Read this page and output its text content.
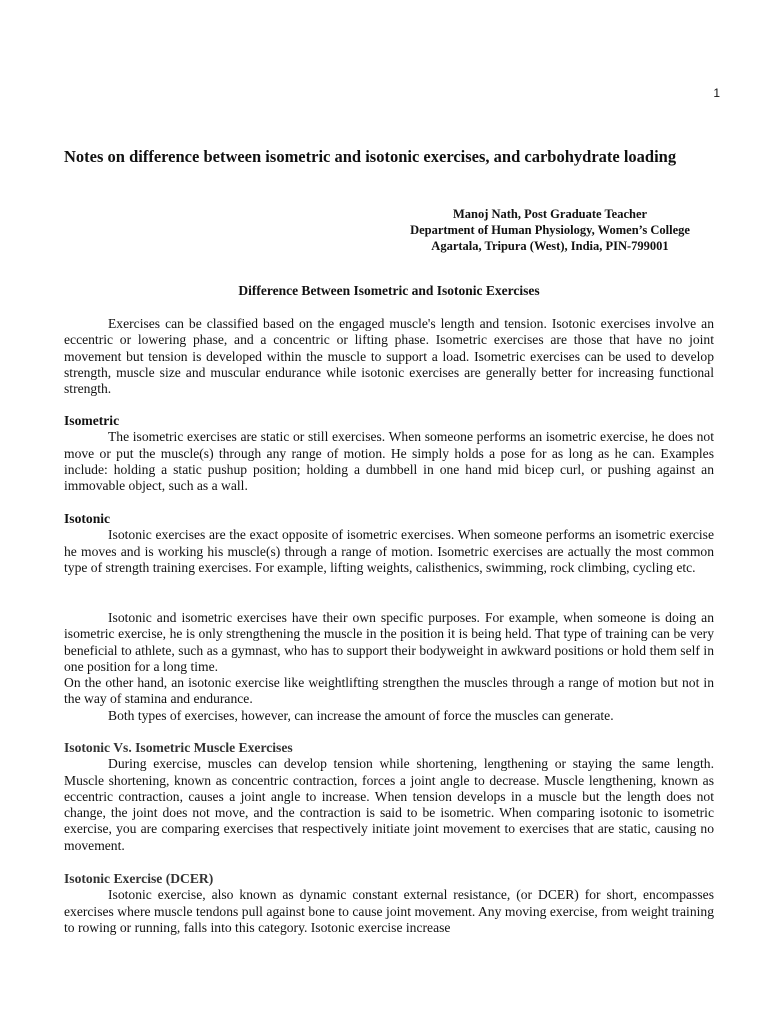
1
Notes on difference between isometric and isotonic exercises, and carbohydrate loading
Manoj Nath, Post Graduate Teacher
Department of Human Physiology, Women’s College
Agartala, Tripura (West), India, PIN-799001
Difference Between Isometric and Isotonic Exercises

Exercises can be classified based on the engaged muscle's length and tension. Isotonic exercises involve an eccentric or lowering phase, and a concentric or lifting phase. Isometric exercises are those that have no joint movement but tension is developed within the muscle to support a load. Isometric exercises can be used to develop strength, muscle size and muscular endurance while isotonic exercises are generally better for increasing functional strength.

Isometric

The isometric exercises are static or still exercises. When someone performs an isometric exercise, he does not move or put the muscle(s) through any range of motion. He simply holds a pose for as long as he can. Examples include: holding a static pushup position; holding a dumbbell in one hand mid bicep curl, or pushing against an immovable object, such as a wall.

Isotonic

Isotonic exercises are the exact opposite of isometric exercises. When someone performs an isometric exercise he moves and is working his muscle(s) through a range of motion. Isometric exercises are actually the most common type of strength training exercises. For example, lifting weights, calisthenics, swimming, rock climbing, cycling etc.

Isotonic and isometric exercises have their own specific purposes. For example, when someone is doing an isometric exercise, he is only strengthening the muscle in the position it is being held. That type of training can be very beneficial to athlete, such as a gymnast, who has to support their bodyweight in awkward positions or hold them self in one position for a long time.

On the other hand, an isotonic exercise like weightlifting strengthen the muscles through a range of motion but not in the way of stamina and endurance.

Both types of exercises, however, can increase the amount of force the muscles can generate.

Isotonic Vs. Isometric Muscle Exercises

During exercise, muscles can develop tension while shortening, lengthening or staying the same length. Muscle shortening, known as concentric contraction, forces a joint angle to decrease. Muscle lengthening, known as eccentric contraction, causes a joint angle to increase. When tension develops in a muscle but the length does not change, the joint does not move, and the contraction is said to be isometric. When comparing isotonic to isometric exercise, you are comparing exercises that respectively initiate joint movement to exercises that are static, causing no movement.

Isotonic Exercise (DCER)

Isotonic exercise, also known as dynamic constant external resistance, (or DCER) for short, encompasses exercises where muscle tendons pull against bone to cause joint movement. Any moving exercise, from weight training to rowing or running, falls into this category. Isotonic exercise increase
